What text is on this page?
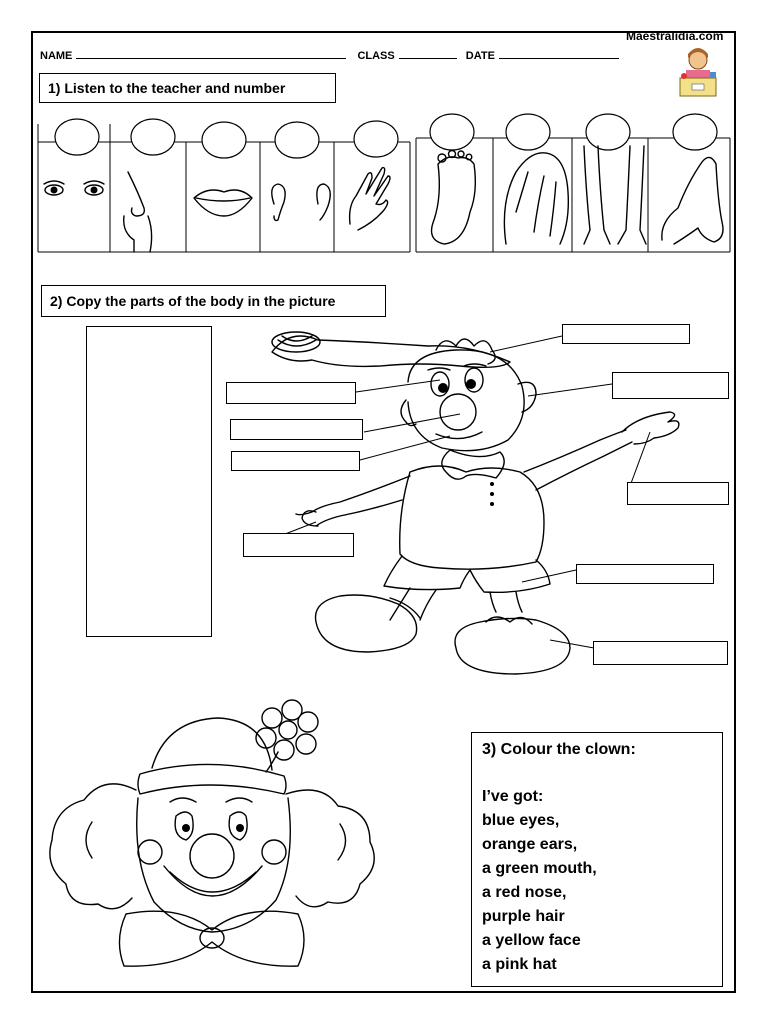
Maestralidia.com
NAME	CLASS	DATE
1) Listen to the teacher and number
2) Copy the parts of the body in the picture
3) Colour the clown:
I’ve got:
blue eyes,
orange ears,
a green mouth,
a red nose,
purple hair
a yellow face
a pink hat
